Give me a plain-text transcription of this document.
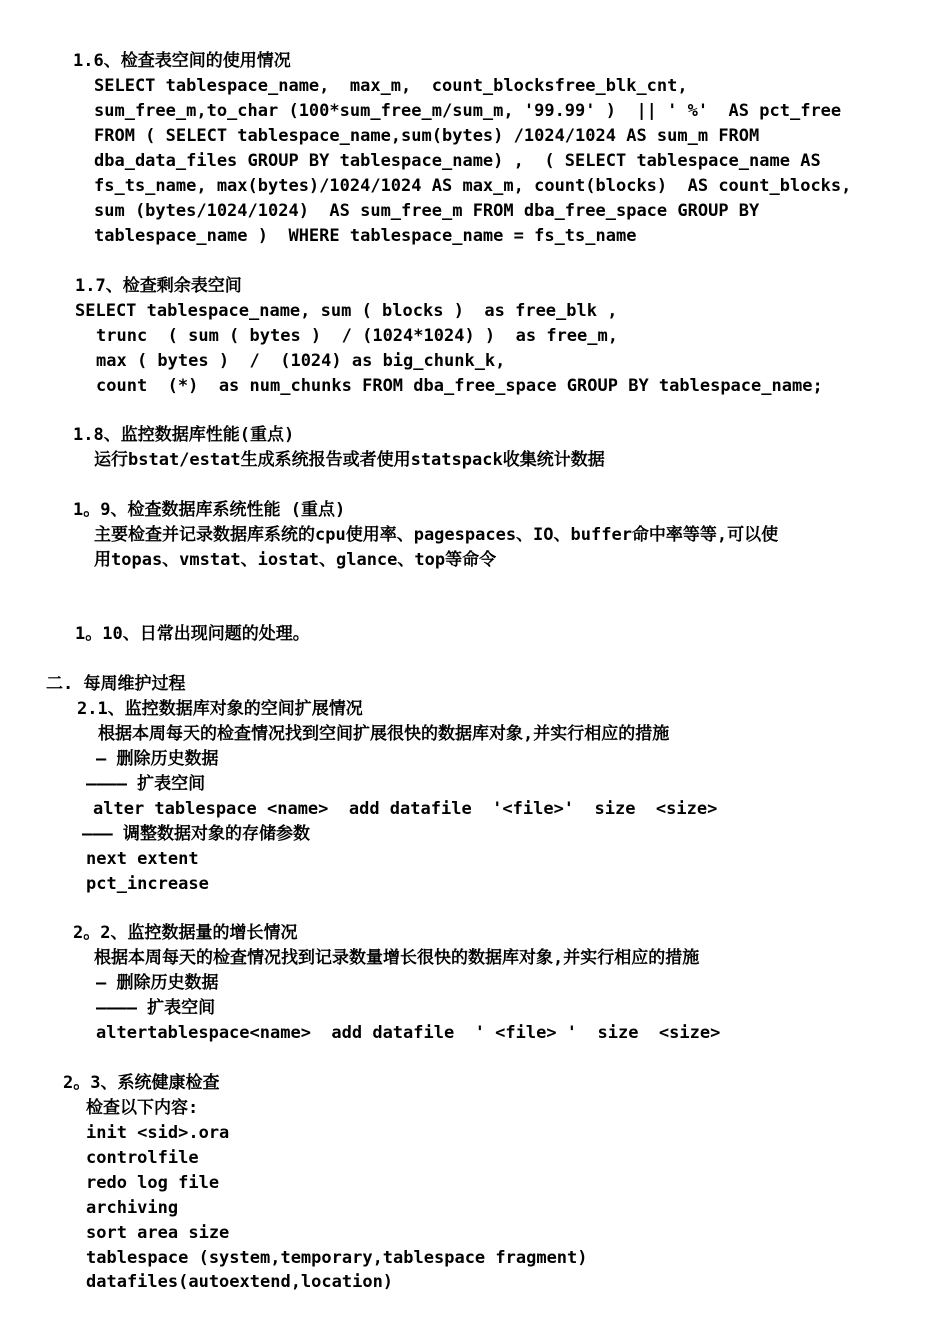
1.6、检查表空间的使用情况
SELECT tablespace_name,  max_m,  count_blocksfree_blk_cnt,
sum_free_m,to_char (100*sum_free_m/sum_m, '99.99' )  || ' %'  AS pct_free
FROM ( SELECT tablespace_name,sum(bytes) /1024/1024 AS sum_m FROM
dba_data_files GROUP BY tablespace_name) ,  ( SELECT tablespace_name AS
fs_ts_name, max(bytes)/1024/1024 AS max_m, count(blocks)  AS count_blocks,
sum (bytes/1024/1024)  AS sum_free_m FROM dba_free_space GROUP BY
tablespace_name )  WHERE tablespace_name = fs_ts_name
1.7、检查剩余表空间
SELECT tablespace_name, sum ( blocks )  as free_blk ,
trunc  ( sum ( bytes )  / (1024*1024) )  as free_m,
max ( bytes )  /  (1024) as big_chunk_k,
count  (*)  as num_chunks FROM dba_free_space GROUP BY tablespace_name;
1.8、监控数据库性能(重点)
运行bstat/estat生成系统报告或者使用statspack收集统计数据
1。9、检查数据库系统性能 (重点)
主要检查并记录数据库系统的cpu使用率、pagespaces、IO、buffer命中率等等,可以使
用topas、vmstat、iostat、glance、top等命令
1。10、日常出现问题的处理。
二. 每周维护过程
2.1、监控数据库对象的空间扩展情况
根据本周每天的检查情况找到空间扩展很快的数据库对象,并实行相应的措施
— 删除历史数据
———— 扩表空间
alter tablespace <name>  add datafile  '<file>'  size  <size>
——— 调整数据对象的存储参数
next extent
pct_increase
2。2、监控数据量的增长情况
根据本周每天的检查情况找到记录数量增长很快的数据库对象,并实行相应的措施
— 删除历史数据
———— 扩表空间
altertablespace<name>  add datafile  ' <file> '  size  <size>
2。3、系统健康检查
检查以下内容:
init <sid>.ora
controlfile
redo log file
archiving
sort area size
tablespace (system,temporary,tablespace fragment)
datafiles(autoextend,location)
